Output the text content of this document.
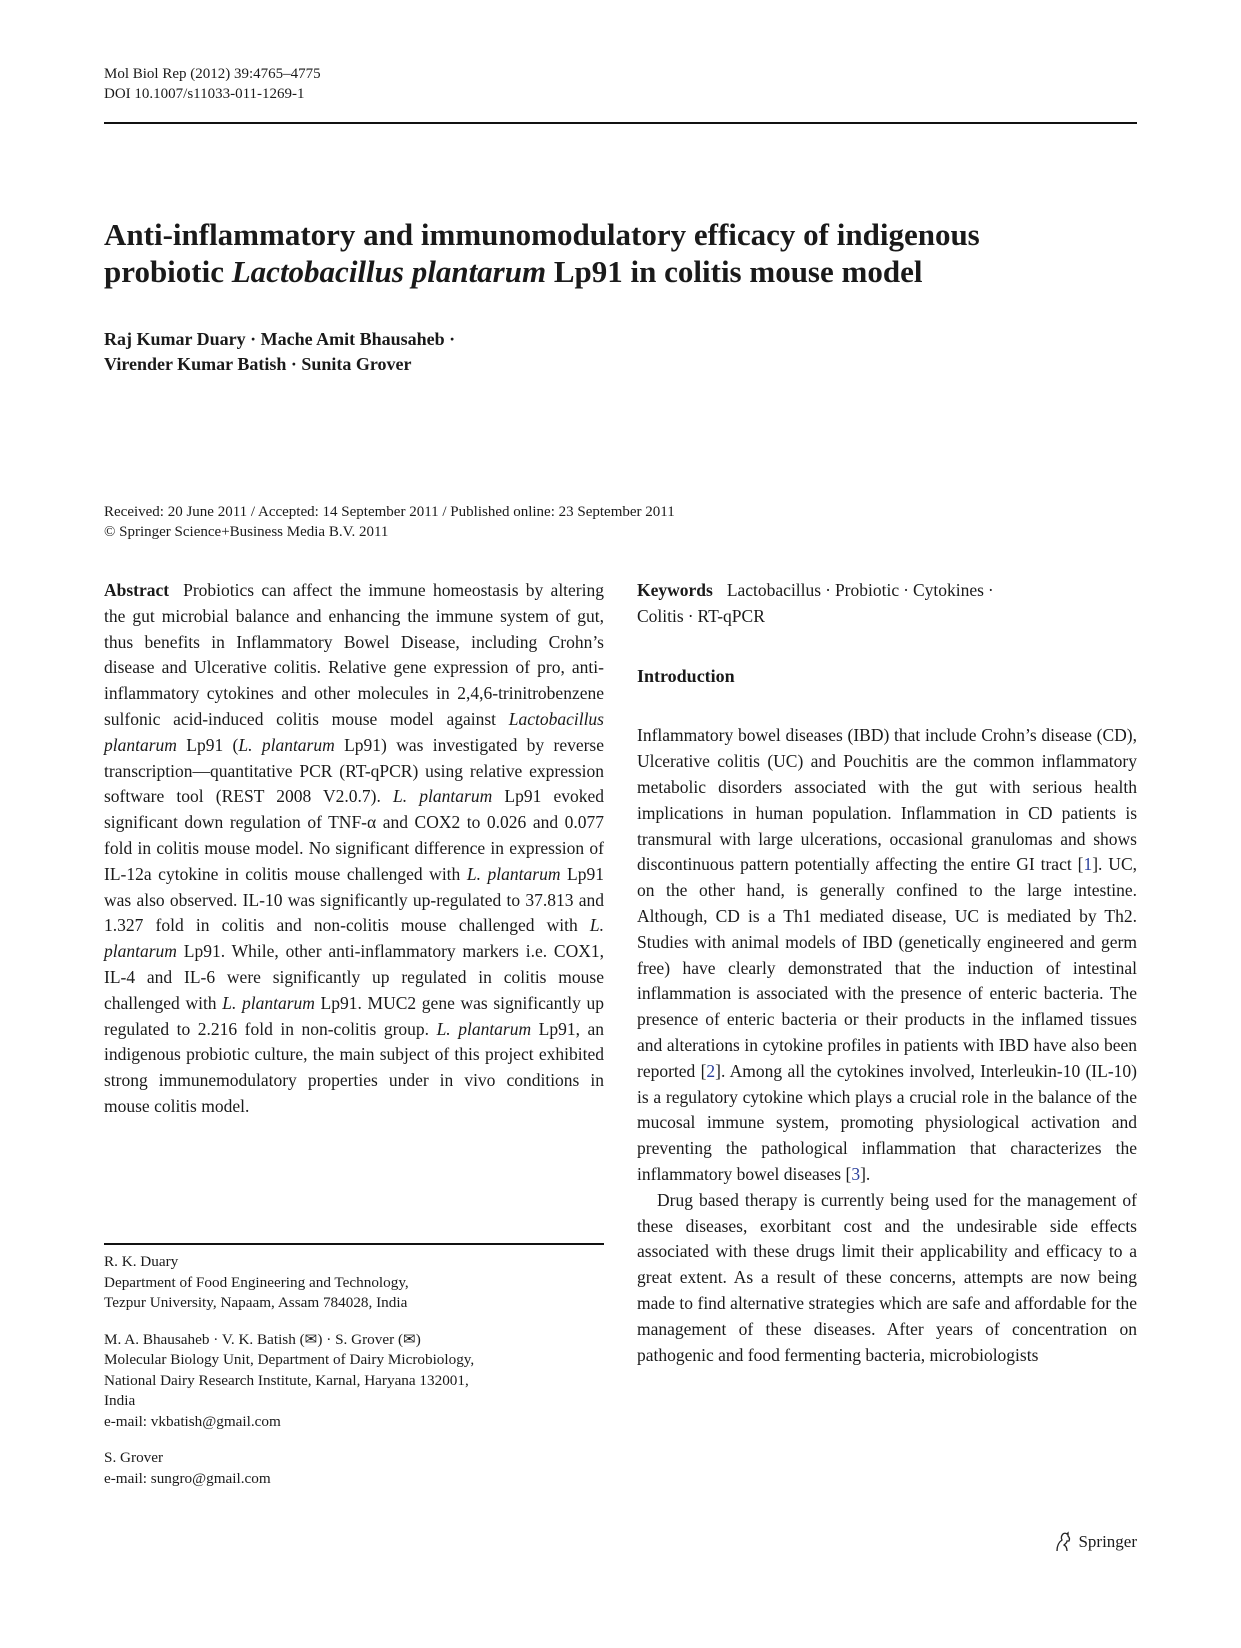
Mol Biol Rep (2012) 39:4765–4775
DOI 10.1007/s11033-011-1269-1
Anti-inflammatory and immunomodulatory efficacy of indigenous
probiotic Lactobacillus plantarum Lp91 in colitis mouse model
Raj Kumar Duary · Mache Amit Bhausaheb ·
Virender Kumar Batish · Sunita Grover
Received: 20 June 2011 / Accepted: 14 September 2011 / Published online: 23 September 2011
© Springer Science+Business Media B.V. 2011

Abstract Probiotics can affect the immune homeostasis by altering the gut microbial balance and enhancing the immune system of gut, thus benefits in Inflammatory Bowel Disease, including Crohn’s disease and Ulcerative colitis. Relative gene expression of pro, anti-inflammatory cytokines and other molecules in 2,4,6-trinitrobenzene sulfonic acid-induced colitis mouse model against Lactobacillus plantarum Lp91 (L. plantarum Lp91) was investigated by reverse transcription—quantitative PCR (RT-qPCR) using relative expression software tool (REST 2008 V2.0.7). L. plantarum Lp91 evoked significant down regulation of TNF-α and COX2 to 0.026 and 0.077 fold in colitis mouse model. No significant difference in expression of IL-12a cytokine in colitis mouse challenged with L. plantarum Lp91 was also observed. IL-10 was significantly up-regulated to 37.813 and 1.327 fold in colitis and non-colitis mouse challenged with L. plantarum Lp91. While, other anti-inflammatory markers i.e. COX1, IL-4 and IL-6 were significantly up regulated in colitis mouse challenged with L. plantarum Lp91. MUC2 gene was significantly up regulated to 2.216 fold in non-colitis group. L. plantarum Lp91, an indigenous probiotic culture, the main subject of this project exhibited strong immunemodulatory properties under in vivo conditions in mouse colitis model.

R. K. Duary
Department of Food Engineering and Technology,
Tezpur University, Napaam, Assam 784028, India
M. A. Bhausaheb · V. K. Batish (✉) · S. Grover (✉)
Molecular Biology Unit, Department of Dairy Microbiology,
National Dairy Research Institute, Karnal, Haryana 132001,
India
e-mail: vkbatish@gmail.com
S. Grover
e-mail: sungro@gmail.com

Keywords Lactobacillus · Probiotic · Cytokines ·
Colitis · RT-qPCR

Introduction

Inflammatory bowel diseases (IBD) that include Crohn’s disease (CD), Ulcerative colitis (UC) and Pouchitis are the common inflammatory metabolic disorders associated with the gut with serious health implications in human population. Inflammation in CD patients is transmural with large ulcerations, occasional granulomas and shows discontinuous pattern potentially affecting the entire GI tract [1]. UC, on the other hand, is generally confined to the large intestine. Although, CD is a Th1 mediated disease, UC is mediated by Th2. Studies with animal models of IBD (genetically engineered and germ free) have clearly demonstrated that the induction of intestinal inflammation is associated with the presence of enteric bacteria. The presence of enteric bacteria or their products in the inflamed tissues and alterations in cytokine profiles in patients with IBD have also been reported [2]. Among all the cytokines involved, Interleukin-10 (IL-10) is a regulatory cytokine which plays a crucial role in the balance of the mucosal immune system, promoting physiological activation and preventing the pathological inflammation that characterizes the inflammatory bowel diseases [3].

Drug based therapy is currently being used for the management of these diseases, exorbitant cost and the undesirable side effects associated with these drugs limit their applicability and efficacy to a great extent. As a result of these concerns, attempts are now being made to find alternative strategies which are safe and affordable for the management of these diseases. After years of concentration on pathogenic and food fermenting bacteria, microbiologists

Springer
